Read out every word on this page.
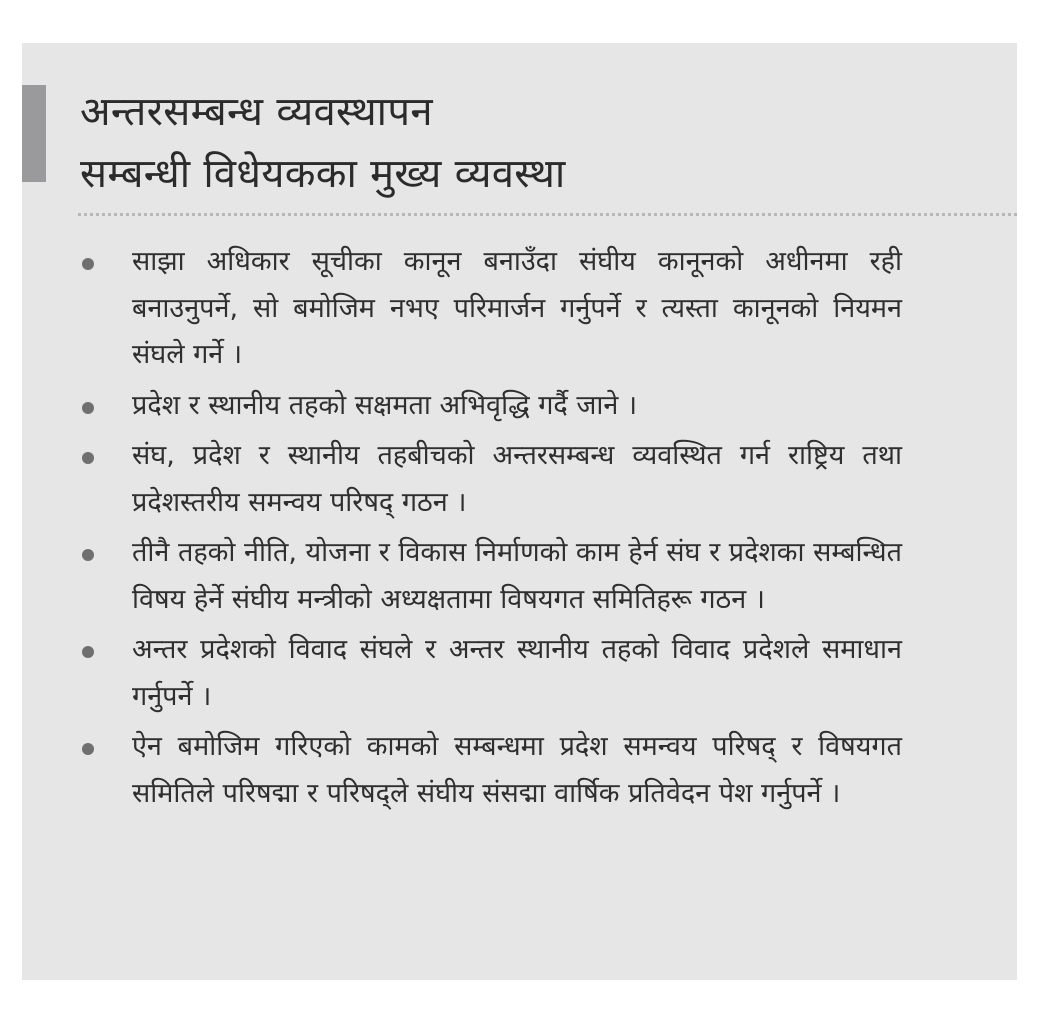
अन्तरसम्बन्ध व्यवस्थापन
सम्बन्धी विधेयकका मुख्य व्यवस्था
साझा अधिकार सूचीका कानून बनाउँदा संघीय कानूनको अधीनमा रही बनाउनुपर्ने, सो बमोजिम नभए परिमार्जन गर्नुपर्ने र त्यस्ता कानूनको नियमन संघले गर्ने ।
प्रदेश र स्थानीय तहको सक्षमता अभिवृद्धि गर्दै जाने ।
संघ, प्रदेश र स्थानीय तहबीचको अन्तरसम्बन्ध व्यवस्थित गर्न राष्ट्रिय तथा प्रदेशस्तरीय समन्वय परिषद् गठन ।
तीनै तहको नीति, योजना र विकास निर्माणको काम हेर्न संघ र प्रदेशका सम्बन्धित विषय हेर्ने संघीय मन्त्रीको अध्यक्षतामा विषयगत समितिहरू गठन ।
अन्तर प्रदेशको विवाद संघले र अन्तर स्थानीय तहको विवाद प्रदेशले समाधान गर्नुपर्ने ।
ऐन बमोजिम गरिएको कामको सम्बन्धमा प्रदेश समन्वय परिषद् र विषयगत समितिले परिषद्मा र परिषद्ले संघीय संसद्मा वार्षिक प्रतिवेदन पेश गर्नुपर्ने ।
